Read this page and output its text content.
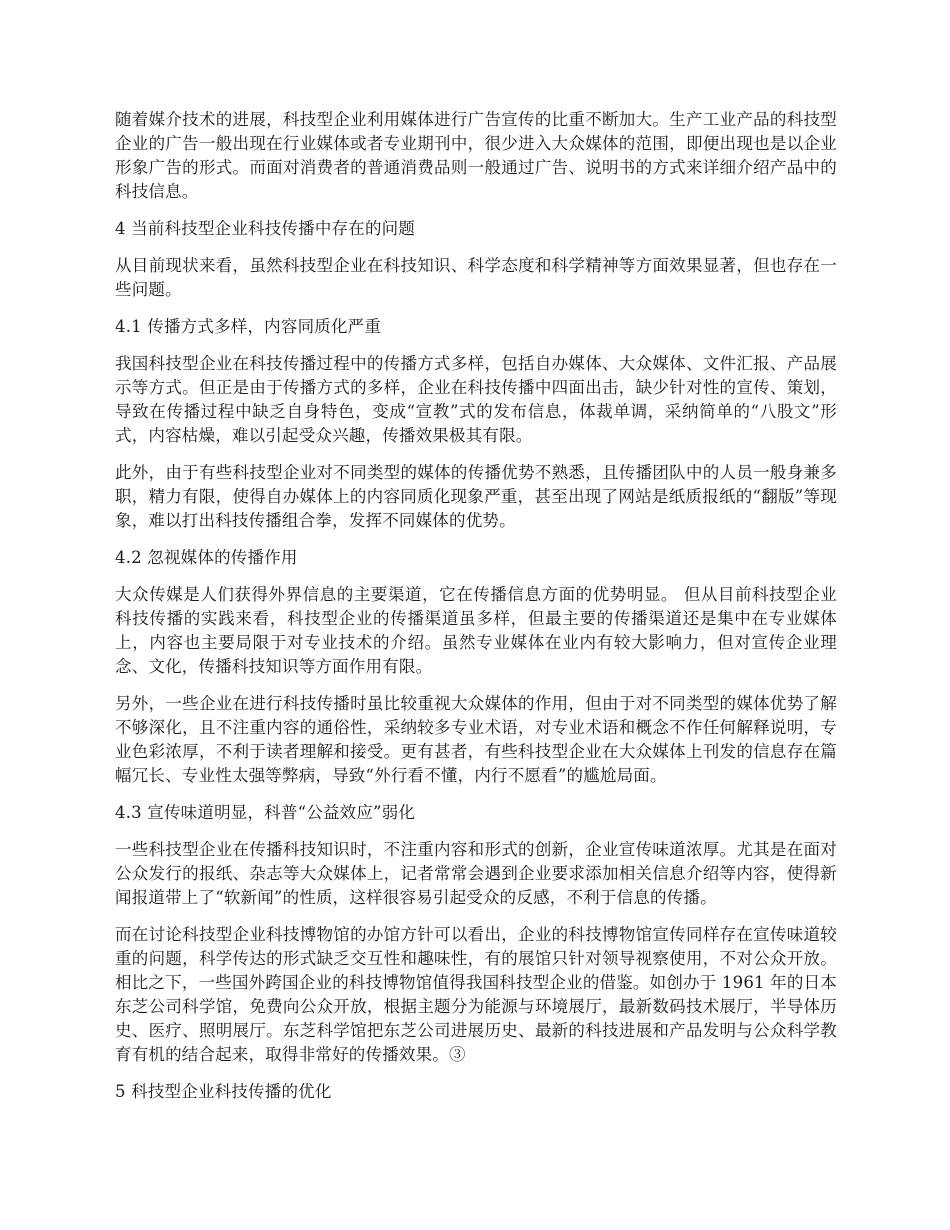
随着媒介技术的进展，科技型企业利用媒体进行广告宣传的比重不断加大。生产工业产品的科技型企业的广告一般出现在行业媒体或者专业期刊中，很少进入大众媒体的范围，即便出现也是以企业形象广告的形式。而面对消费者的普通消费品则一般通过广告、说明书的方式来详细介绍产品中的科技信息。

4 当前科技型企业科技传播中存在的问题

从目前现状来看，虽然科技型企业在科技知识、科学态度和科学精神等方面效果显著，但也存在一些问题。

4.1 传播方式多样，内容同质化严重

我国科技型企业在科技传播过程中的传播方式多样，包括自办媒体、大众媒体、文件汇报、产品展示等方式。但正是由于传播方式的多样，企业在科技传播中四面出击，缺少针对性的宣传、策划，导致在传播过程中缺乏自身特色，变成“宣教”式的发布信息，体裁单调，采纳简单的“八股文”形式，内容枯燥，难以引起受众兴趣，传播效果极其有限。

此外，由于有些科技型企业对不同类型的媒体的传播优势不熟悉，且传播团队中的人员一般身兼多职，精力有限，使得自办媒体上的内容同质化现象严重，甚至出现了网站是纸质报纸的“翻版”等现象，难以打出科技传播组合拳，发挥不同媒体的优势。

4.2 忽视媒体的传播作用

大众传媒是人们获得外界信息的主要渠道，它在传播信息方面的优势明显。 但从目前科技型企业科技传播的实践来看，科技型企业的传播渠道虽多样，但最主要的传播渠道还是集中在专业媒体上，内容也主要局限于对专业技术的介绍。虽然专业媒体在业内有较大影响力，但对宣传企业理念、文化，传播科技知识等方面作用有限。

另外，一些企业在进行科技传播时虽比较重视大众媒体的作用，但由于对不同类型的媒体优势了解不够深化，且不注重内容的通俗性，采纳较多专业术语，对专业术语和概念不作任何解释说明，专业色彩浓厚，不利于读者理解和接受。更有甚者，有些科技型企业在大众媒体上刊发的信息存在篇幅冗长、专业性太强等弊病，导致“外行看不懂，内行不愿看”的尴尬局面。

4.3 宣传味道明显，科普“公益效应”弱化

一些科技型企业在传播科技知识时，不注重内容和形式的创新，企业宣传味道浓厚。尤其是在面对公众发行的报纸、杂志等大众媒体上，记者常常会遇到企业要求添加相关信息介绍等内容，使得新闻报道带上了“软新闻”的性质，这样很容易引起受众的反感，不利于信息的传播。

而在讨论科技型企业科技博物馆的办馆方针可以看出，企业的科技博物馆宣传同样存在宣传味道较重的问题，科学传达的形式缺乏交互性和趣味性，有的展馆只针对领导视察使用，不对公众开放。相比之下，一些国外跨国企业的科技博物馆值得我国科技型企业的借鉴。如创办于 1961 年的日本东芝公司科学馆，免费向公众开放，根据主题分为能源与环境展厅，最新数码技术展厅，半导体历史、医疗、照明展厅。东芝科学馆把东芝公司进展历史、最新的科技进展和产品发明与公众科学教育有机的结合起来，取得非常好的传播效果。③

5 科技型企业科技传播的优化
